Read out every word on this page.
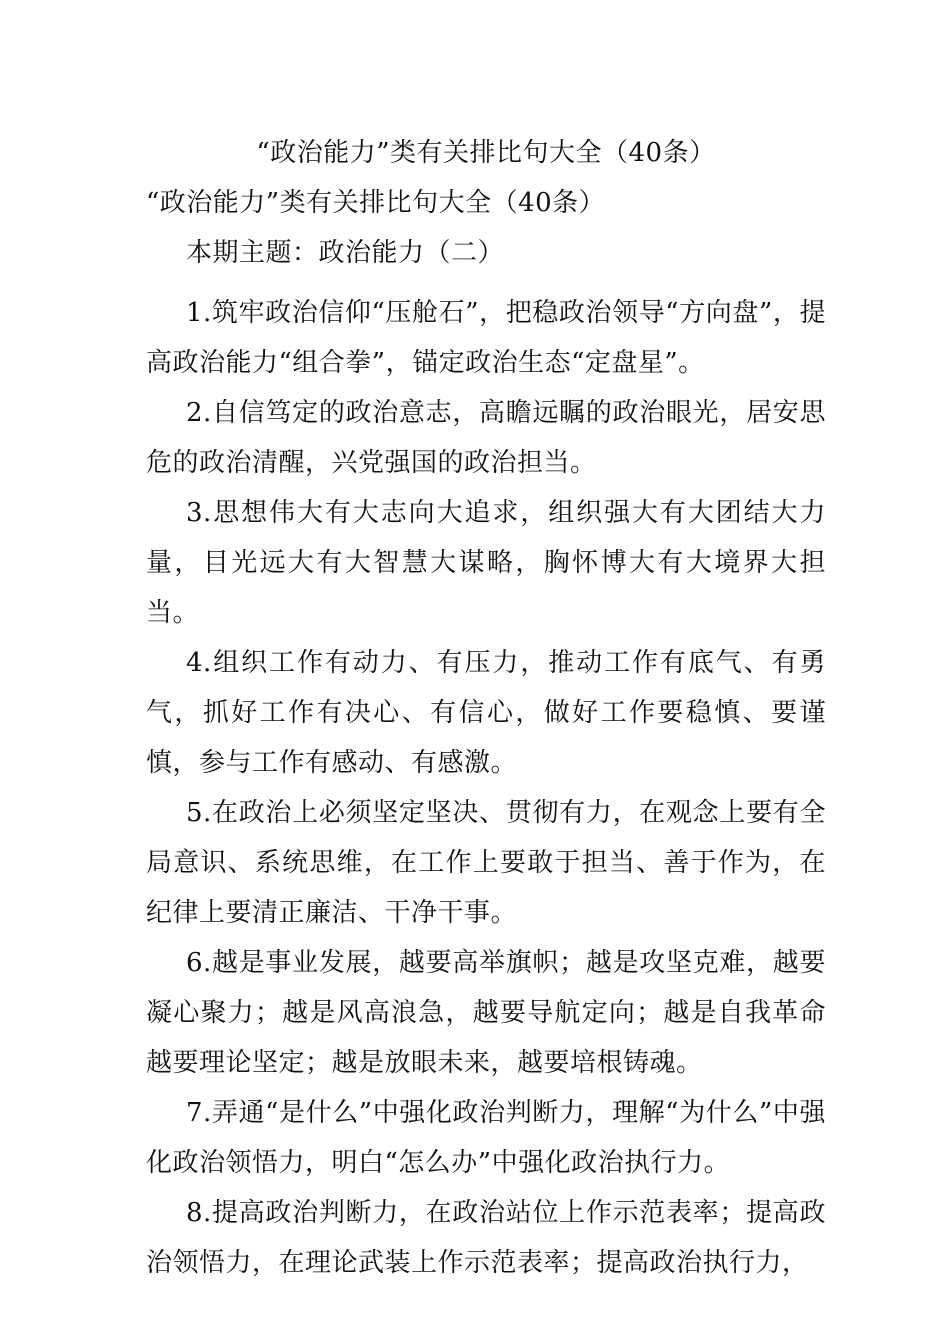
“政治能力”类有关排比句大全（40条）

“政治能力”类有关排比句大全（40条）

本期主题：政治能力（二）

1.筑牢政治信仰“压舱石”，把稳政治领导“方向盘”，提高政治能力“组合拳”，锚定政治生态“定盘星”。

2.自信笃定的政治意志，高瞻远瞩的政治眼光，居安思危的政治清醒，兴党强国的政治担当。

3.思想伟大有大志向大追求，组织强大有大团结大力量，目光远大有大智慧大谋略，胸怀博大有大境界大担当。

4.组织工作有动力、有压力，推动工作有底气、有勇气，抓好工作有决心、有信心，做好工作要稳慎、要谨慎，参与工作有感动、有感激。

5.在政治上必须坚定坚决、贯彻有力，在观念上要有全局意识、系统思维，在工作上要敢于担当、善于作为，在纪律上要清正廉洁、干净干事。

6.越是事业发展，越要高举旗帜；越是攻坚克难，越要凝心聚力；越是风高浪急，越要导航定向；越是自我革命越要理论坚定；越是放眼未来，越要培根铸魂。

7.弄通“是什么”中强化政治判断力，理解“为什么”中强化政治领悟力，明白“怎么办”中强化政治执行力。

8.提高政治判断力，在政治站位上作示范表率；提高政治领悟力，在理论武装上作示范表率；提高政治执行力，
